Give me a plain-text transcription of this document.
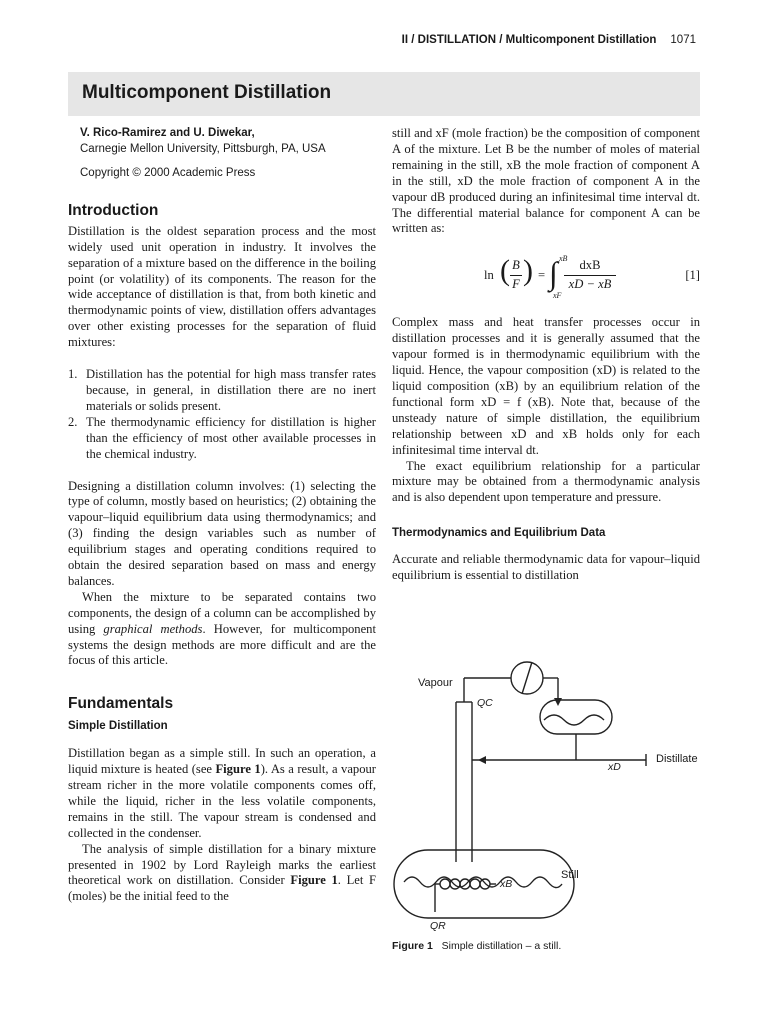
II / DISTILLATION / Multicomponent Distillation 1071
Multicomponent Distillation
V. Rico-Ramirez and U. Diwekar,
Carnegie Mellon University, Pittsburgh, PA, USA
Copyright © 2000 Academic Press
Introduction

Distillation is the oldest separation process and the most widely used unit operation in industry. It involves the separation of a mixture based on the difference in the boiling point (or volatility) of its components. The reason for the wide acceptance of distillation is that, from both kinetic and thermodynamic points of view, distillation offers advantages over other existing processes for the separation of fluid mixtures:

1. Distillation has the potential for high mass transfer rates because, in general, in distillation there are no inert materials or solids present.
2. The thermodynamic efficiency for distillation is higher than the efficiency of most other available processes in the chemical industry.

Designing a distillation column involves: (1) selecting the type of column, mostly based on heuristics; (2) obtaining the vapour–liquid equilibrium data using thermodynamics; and (3) finding the design variables such as number of equilibrium stages and operating conditions required to obtain the desired separation based on mass and energy balances.

When the mixture to be separated contains two components, the design of a column can be accomplished by using graphical methods. However, for multicomponent systems the design methods are more difficult and are the focus of this article.

Fundamentals
Simple Distillation

Distillation began as a simple still. In such an operation, a liquid mixture is heated (see Figure 1). As a result, a vapour stream richer in the more volatile components comes off, while the liquid, richer in the less volatile components, remains in the still. The vapour stream is condensed and collected in the condenser.

The analysis of simple distillation for a binary mixture presented in 1902 by Lord Rayleigh marks the earliest theoretical work on distillation. Consider Figure 1. Let F (moles) be the initial feed to the

still and xF (mole fraction) be the composition of component A of the mixture. Let B be the number of moles of material remaining in the still, xB the mole fraction of component A in the still, xD the mole fraction of component A in the vapour dB produced during an infinitesimal time interval dt. The differential material balance for component A can be written as:

ln ( B
F ) = ∫ xB
xF
dxB
xD − xB
[1]

Complex mass and heat transfer processes occur in distillation processes and it is generally assumed that the vapour formed is in thermodynamic equilibrium with the liquid. Hence, the vapour composition (xD) is related to the liquid composition (xB) by an equilibrium relation of the functional form xD = f (xB). Note that, because of the unsteady nature of simple distillation, the equilibrium relationship between xD and xB holds only for each infinitesimal time interval dt.

The exact equilibrium relationship for a particular mixture may be obtained from a thermodynamic analysis and is also dependent upon temperature and pressure.

Thermodynamics and Equilibrium Data

Accurate and reliable thermodynamic data for vapour–liquid equilibrium is essential to distillation

Vapour
QC
Distillate
xD
Still
xB
QR
Figure 1 Simple distillation – a still.
